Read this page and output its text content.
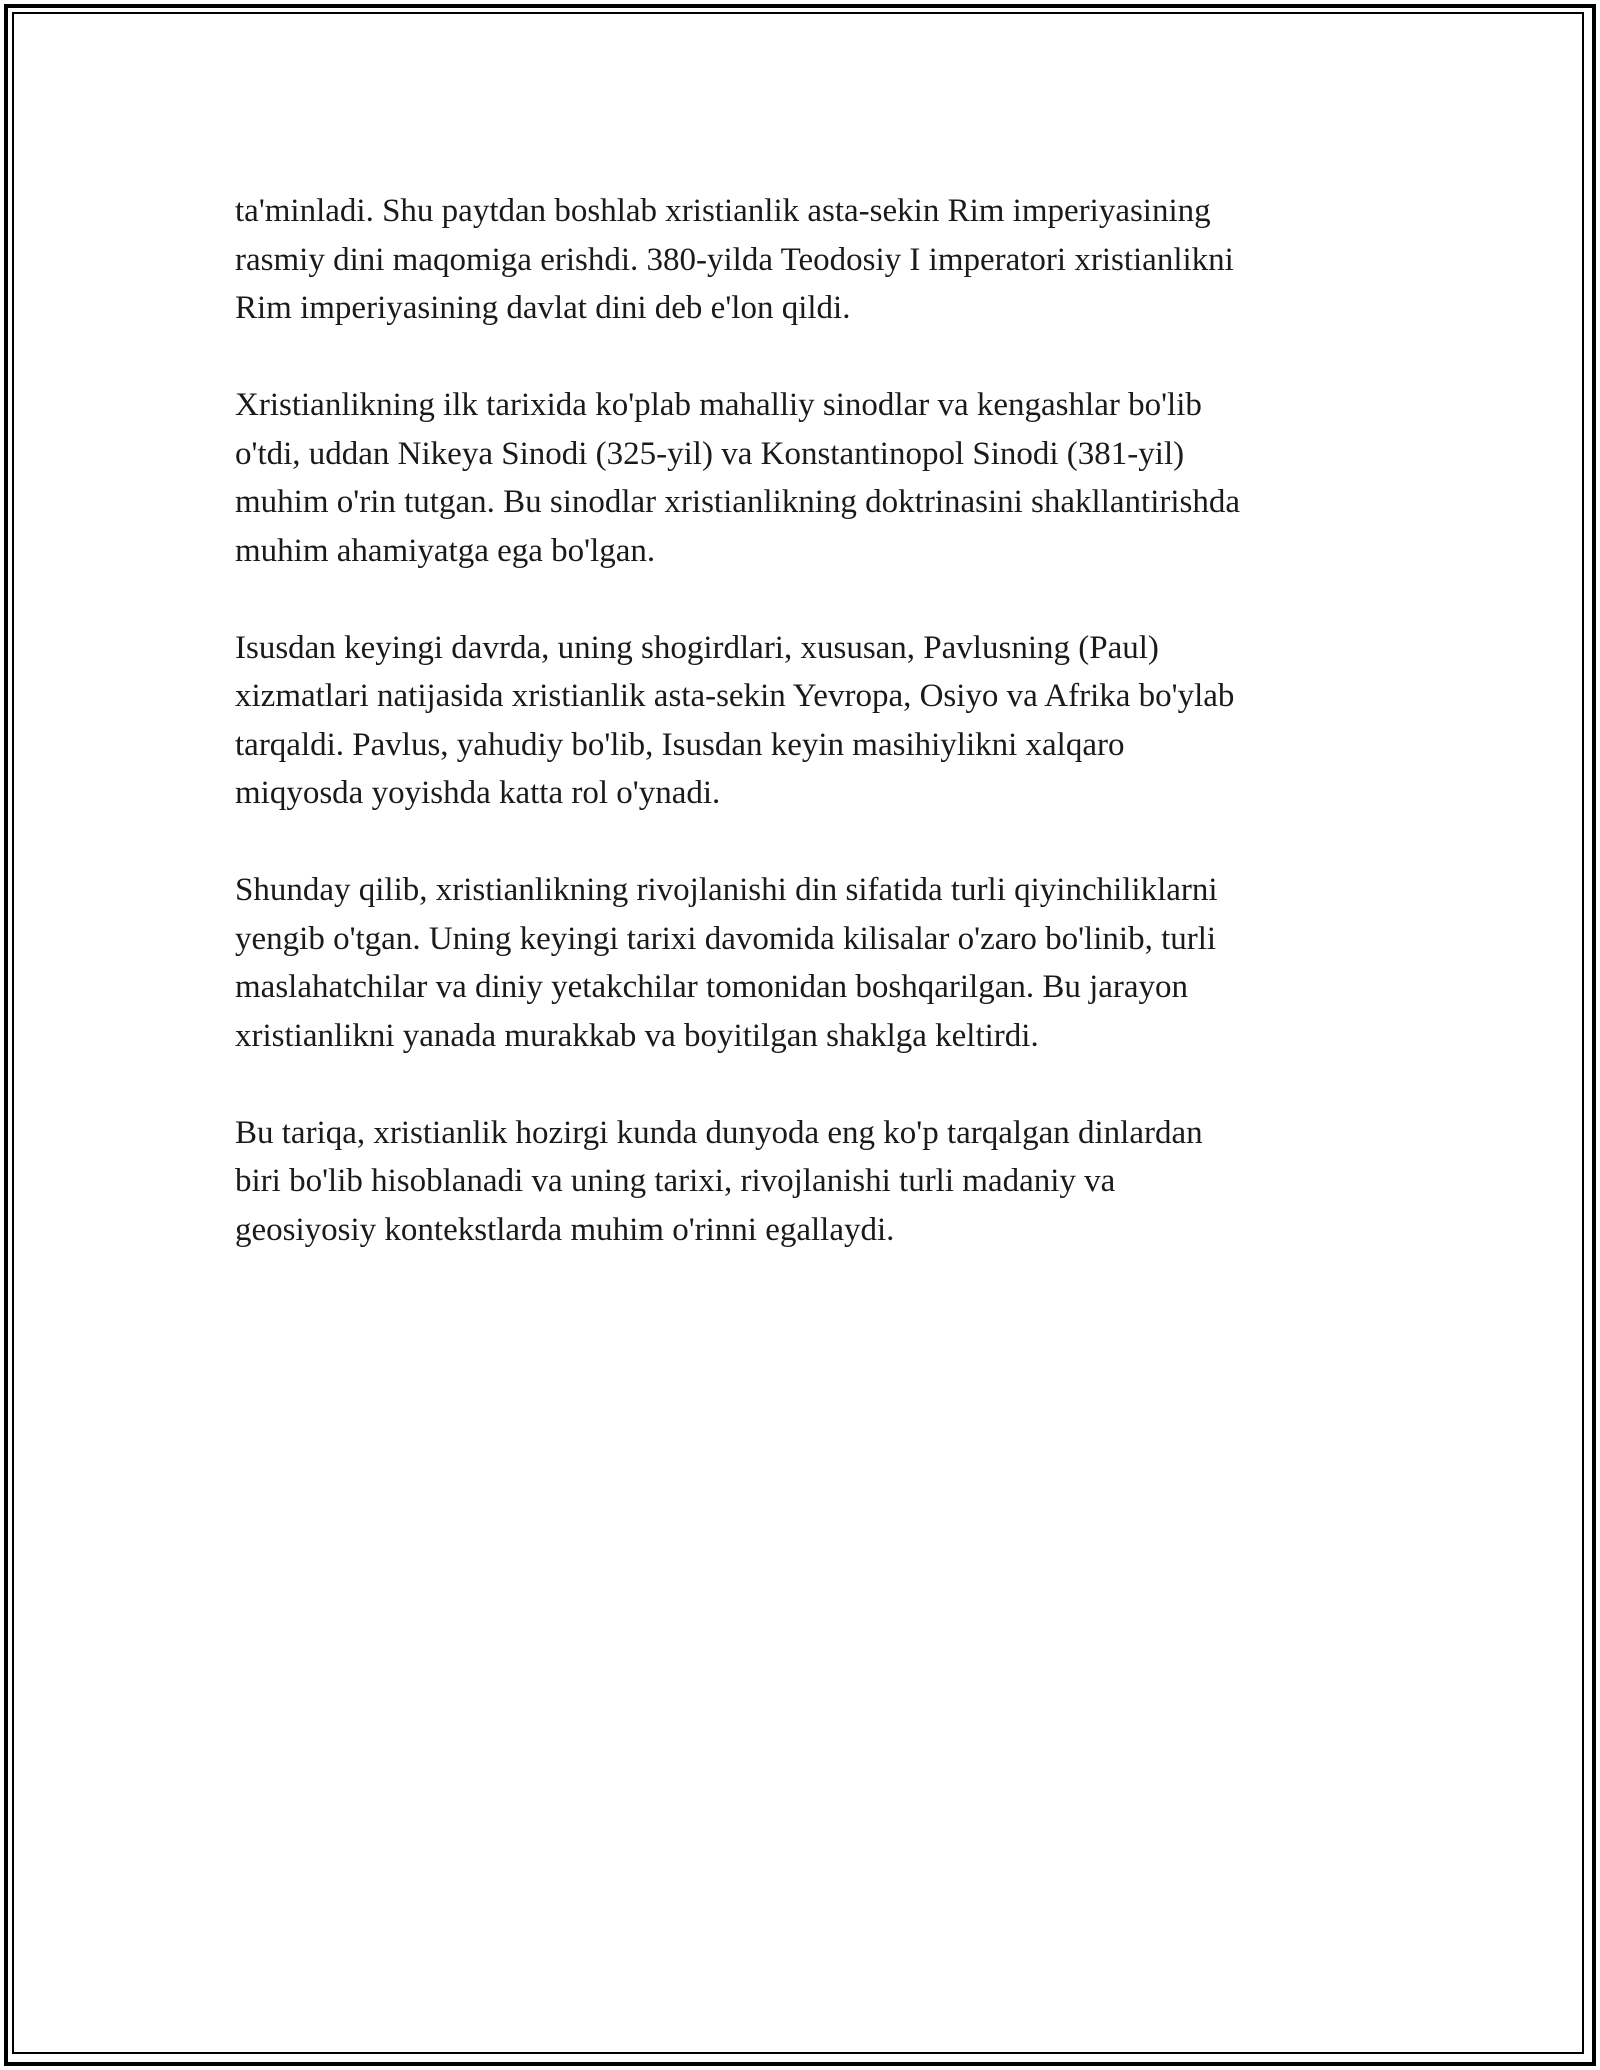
ta'minladi. Shu paytdan boshlab xristianlik asta-sekin Rim imperiyasining
rasmiy dini maqomiga erishdi. 380-yilda Teodosiy I imperatori xristianlikni
Rim imperiyasining davlat dini deb e'lon qildi.

Xristianlikning ilk tarixida ko'plab mahalliy sinodlar va kengashlar bo'lib
o'tdi, uddan Nikeya Sinodi (325-yil) va Konstantinopol Sinodi (381-yil)
muhim o'rin tutgan. Bu sinodlar xristianlikning doktrinasini shakllantirishda
muhim ahamiyatga ega bo'lgan.

Isusdan keyingi davrda, uning shogirdlari, xususan, Pavlusning (Paul)
xizmatlari natijasida xristianlik asta-sekin Yevropa, Osiyo va Afrika bo'ylab
tarqaldi. Pavlus, yahudiy bo'lib, Isusdan keyin masihiylikni xalqaro
miqyosda yoyishda katta rol o'ynadi.

Shunday qilib, xristianlikning rivojlanishi din sifatida turli qiyinchiliklarni
yengib o'tgan. Uning keyingi tarixi davomida kilisalar o'zaro bo'linib, turli
maslahatchilar va diniy yetakchilar tomonidan boshqarilgan. Bu jarayon
xristianlikni yanada murakkab va boyitilgan shaklga keltirdi.

Bu tariqa, xristianlik hozirgi kunda dunyoda eng ko'p tarqalgan dinlardan
biri bo'lib hisoblanadi va uning tarixi, rivojlanishi turli madaniy va
geosiyosiy kontekstlarda muhim o'rinni egallaydi.
